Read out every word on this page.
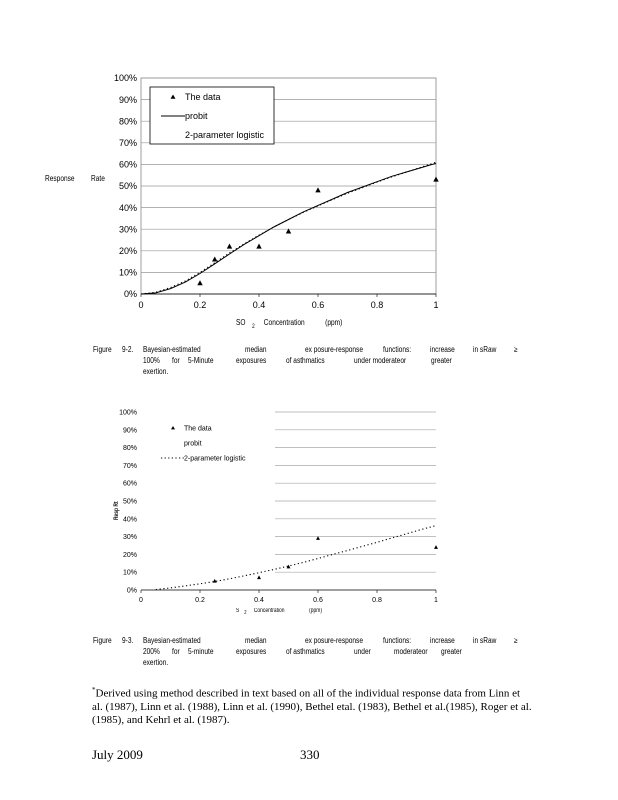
0%
10%
20%
30%
40%
50%
60%
70%
80%
90%
100%
0	0.2	0.4	0.6	0.8	1
The data
probit
2-parameter logistic
Response Rate
SO $_2$ Concentration	(ppm)
Figure 9-2. Bayesian-estimated	median	ex posure-response	functions: increase in sRaw ≥
100% for 5-Minute	exposures of asthmatics	under moderateor	greater
exertion.
0%
10%
20%
30%
40%
50%
60%
70%
80%
90%
100%
0	0.2	0.4	0.6	0.8	1
The data
probit
2-parameter logistic
Resp Rt
S $_2$ Concentration	(ppm)
Figure 9-3. Bayesian-estimated	median	ex posure-response	functions: increase in sRaw ≥
200% for 5-minute	exposures of asthmatics	under	moderateor greater
exertion.
*Derived using method described in text based on all of the individual response data from Linn et al. (1987), Linn et al. (1988), Linn et al. (1990), Bethel etal. (1983), Bethel et al.(1985), Roger et al. (1985), and Kehrl et al. (1987).
July 2009	330
